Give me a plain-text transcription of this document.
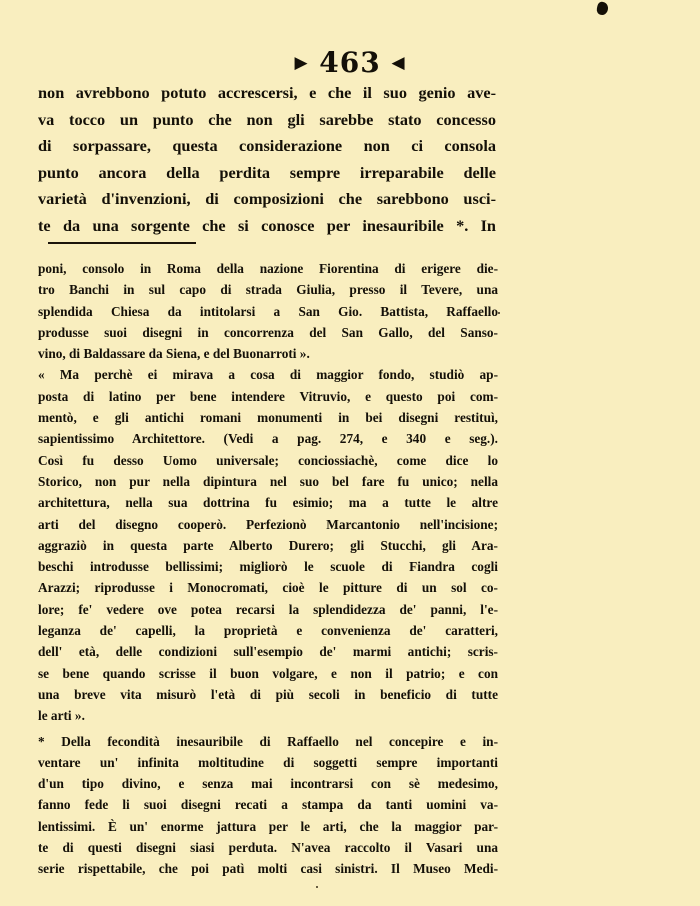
▶ 463 ◀
non avrebbono potuto accrescersi, e che il suo genio ave-
va tocco un punto che non gli sarebbe stato concesso
di sorpassare, questa considerazione non ci consola
punto ancora della perdita sempre irreparabile delle
varietà d'invenzioni, di composizioni che sarebbono usci-
te da una sorgente che si conosce per inesauribile *. In
poni, consolo in Roma della nazione Fiorentina di erigere die-
tro Banchi in sul capo di strada Giulia, presso il Tevere, una
splendida Chiesa da intitolarsi a San Gio. Battista, Raffaello
produsse suoi disegni in concorrenza del San Gallo, del Sanso-
vino, di Baldassare da Siena, e del Buonarroti ».
« Ma perchè ei mirava a cosa di maggior fondo, studiò ap-
posta di latino per bene intendere Vitruvio, e questo poi com-
mentò, e gli antichi romani monumenti in bei disegni restituì,
sapientissimo Architettore. (Vedi a pag. 274, e 340 e seg.).
Così fu desso Uomo universale; conciossiachè, come dice lo
Storico, non pur nella dipintura nel suo bel fare fu unico; nella
architettura, nella sua dottrina fu esimio; ma a tutte le altre
arti del disegno cooperò. Perfezionò Marcantonio nell'incisione;
aggraziò in questa parte Alberto Durero; gli Stucchi, gli Ara-
beschi introdusse bellissimi; migliorò le scuole di Fiandra cogli
Arazzi; riprodusse i Monocromati, cioè le pitture di un sol co-
lore; fe' vedere ove potea recarsi la splendidezza de' panni, l'e-
leganza de' capelli, la proprietà e convenienza de' caratteri,
dell' età, delle condizioni sull'esempio de' marmi antichi; scris-
se bene quando scrisse il buon volgare, e non il patrio; e con
una breve vita misurò l'età di più secoli in beneficio di tutte
le arti ».
* Della fecondità inesauribile di Raffaello nel concepire e in-
ventare un' infinita moltitudine di soggetti sempre importanti
d'un tipo divino, e senza mai incontrarsi con sè medesimo,
fanno fede li suoi disegni recati a stampa da tanti uomini va-
lentissimi. È un' enorme jattura per le arti, che la maggior par-
te di questi disegni siasi perduta. N'avea raccolto il Vasari una
serie rispettabile, che poi patì molti casi sinistri. Il Museo Medi-
